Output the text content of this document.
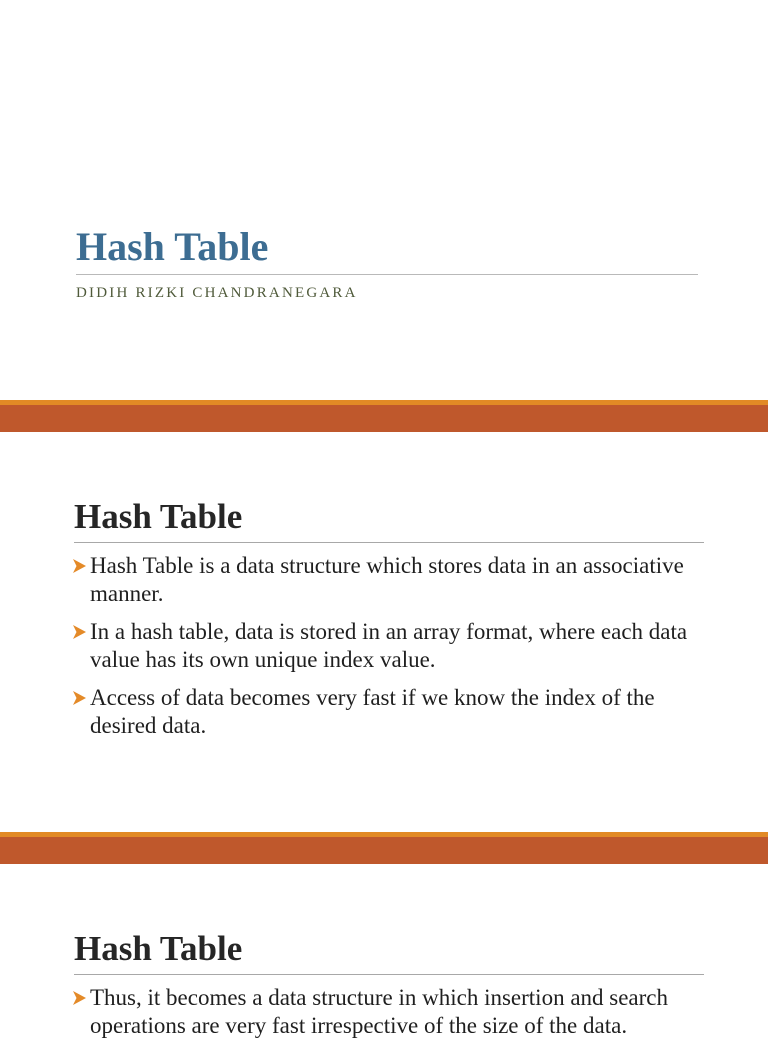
Hash Table
DIDIH RIZKI CHANDRANEGARA
Hash Table
Hash Table is a data structure which stores data in an associative manner.
In a hash table, data is stored in an array format, where each data value has its own unique index value.
Access of data becomes very fast if we know the index of the desired data.
Hash Table
Thus, it becomes a data structure in which insertion and search operations are very fast irrespective of the size of the data.
